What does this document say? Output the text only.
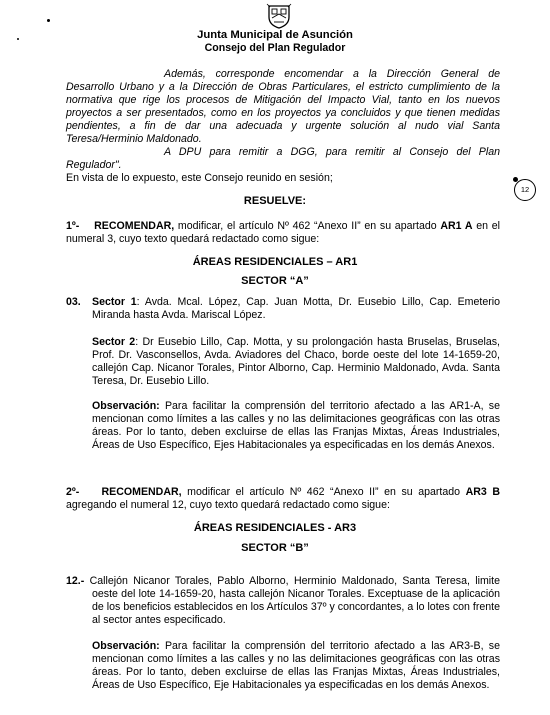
Junta Municipal de Asunción
Consejo del Plan Regulador
12
Además, corresponde encomendar a la Dirección General de Desarrollo Urbano y a la Dirección de Obras Particulares, el estricto cumplimiento de la normativa que rige los procesos de Mitigación del Impacto Vial, tanto en los nuevos proyectos a ser presentados, como en los proyectos ya concluidos y que tienen medidas pendientes, a fin de dar una adecuada y urgente solución al nudo vial Santa Teresa/Herminio Maldonado.
A DPU para remitir a DGG, para remitir al Consejo del Plan Regulador".
En vista de lo expuesto, este Consejo reunido en sesión;
RESUELVE:
1º- RECOMENDAR, modificar, el artículo Nº 462 “Anexo II” en su apartado AR1 A en el numeral 3, cuyo texto quedará redactado como sigue:
ÁREAS RESIDENCIALES – AR1
SECTOR “A”
03. Sector 1: Avda. Mcal. López, Cap. Juan Motta, Dr. Eusebio Lillo, Cap. Emeterio Miranda hasta Avda. Mariscal López.
Sector 2: Dr Eusebio Lillo, Cap. Motta, y su prolongación hasta Bruselas, Bruselas, Prof. Dr. Vasconsellos, Avda. Aviadores del Chaco, borde oeste del lote 14-1659-20, callejón Cap. Nicanor Torales, Pintor Alborno, Cap. Herminio Maldonado, Avda. Santa Teresa, Dr. Eusebio Lillo.
Observación: Para facilitar la comprensión del territorio afectado a las AR1-A, se mencionan como límites a las calles y no las delimitaciones geográficas con las otras áreas. Por lo tanto, deben excluirse de ellas las Franjas Mixtas, Áreas Industriales, Áreas de Uso Específico, Ejes Habitacionales ya especificadas en los demás Anexos.
2º- RECOMENDAR, modificar el artículo Nº 462 “Anexo II” en su apartado AR3 B agregando el numeral 12, cuyo texto quedará redactado como sigue:
ÁREAS RESIDENCIALES - AR3
SECTOR “B”
12.- Callejón Nicanor Torales, Pablo Alborno, Herminio Maldonado, Santa Teresa, limite oeste del lote 14-1659-20, hasta callejón Nicanor Torales. Exceptuase de la aplicación de los beneficios establecidos en los Artículos 37º y concordantes, a lo lotes con frente al sector antes especificado.
Observación: Para facilitar la comprensión del territorio afectado a las AR3-B, se mencionan como límites a las calles y no las delimitaciones geográficas con las otras áreas. Por lo tanto, deben excluirse de ellas las Franjas Mixtas, Áreas Industriales, Áreas de Uso Específico, Eje Habitacionales ya especificadas en los demás Anexos.
